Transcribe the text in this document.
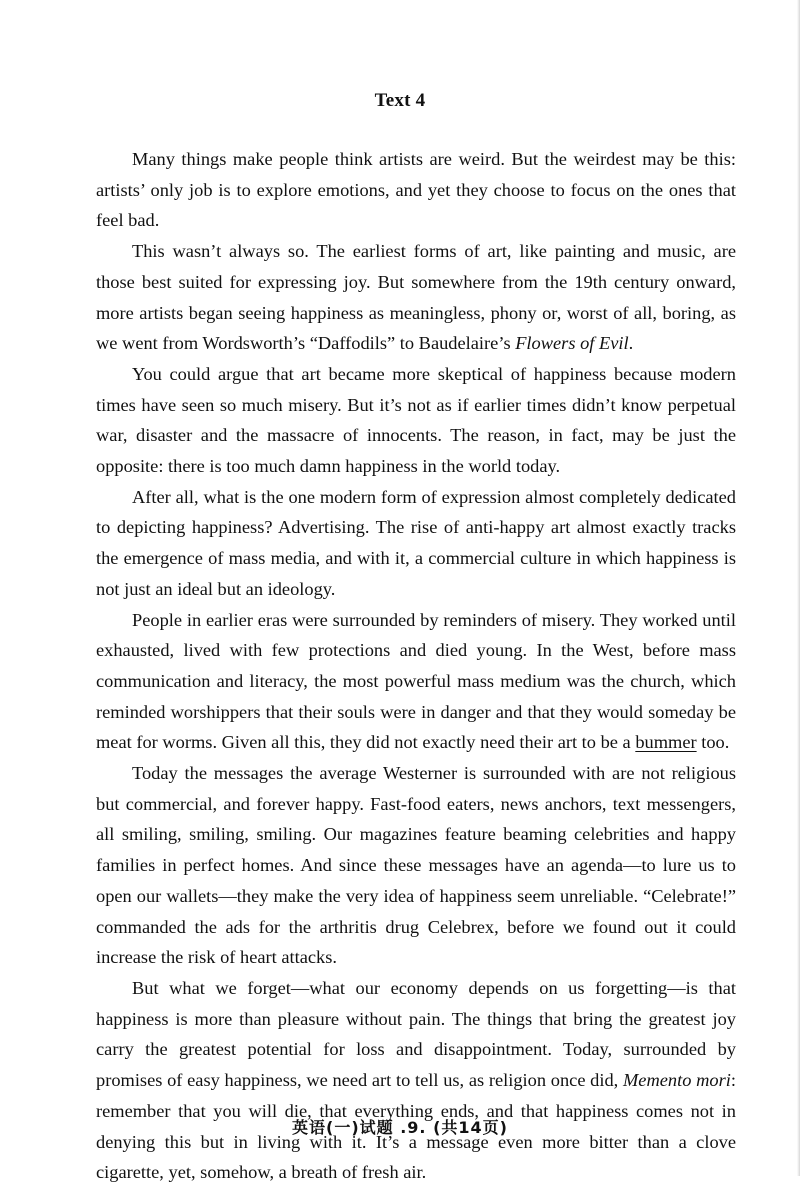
Text 4

Many things make people think artists are weird. But the weirdest may be this: artists’ only job is to explore emotions, and yet they choose to focus on the ones that feel bad.

This wasn’t always so. The earliest forms of art, like painting and music, are those best suited for expressing joy. But somewhere from the 19th century onward, more artists began seeing happiness as meaningless, phony or, worst of all, boring, as we went from Wordsworth’s “Daffodils” to Baudelaire’s Flowers of Evil.

You could argue that art became more skeptical of happiness because modern times have seen so much misery. But it’s not as if earlier times didn’t know perpetual war, disaster and the massacre of innocents. The reason, in fact, may be just the opposite: there is too much damn happiness in the world today.

After all, what is the one modern form of expression almost completely dedicated to depicting happiness? Advertising. The rise of anti-happy art almost exactly tracks the emergence of mass media, and with it, a commercial culture in which happiness is not just an ideal but an ideology.

People in earlier eras were surrounded by reminders of misery. They worked until exhausted, lived with few protections and died young. In the West, before mass communication and literacy, the most powerful mass medium was the church, which reminded worshippers that their souls were in danger and that they would someday be meat for worms. Given all this, they did not exactly need their art to be a bummer too.

Today the messages the average Westerner is surrounded with are not religious but commercial, and forever happy. Fast-food eaters, news anchors, text messengers, all smiling, smiling, smiling. Our magazines feature beaming celebrities and happy families in perfect homes. And since these messages have an agenda—to lure us to open our wallets—they make the very idea of happiness seem unreliable. “Celebrate!” commanded the ads for the arthritis drug Celebrex, before we found out it could increase the risk of heart attacks.

But what we forget—what our economy depends on us forgetting—is that happiness is more than pleasure without pain. The things that bring the greatest joy carry the greatest potential for loss and disappointment. Today, surrounded by promises of easy happiness, we need art to tell us, as religion once did, Memento mori: remember that you will die, that everything ends, and that happiness comes not in denying this but in living with it. It’s a message even more bitter than a clove cigarette, yet, somehow, a breath of fresh air.

英语(一)试题 .9. (共14页)
